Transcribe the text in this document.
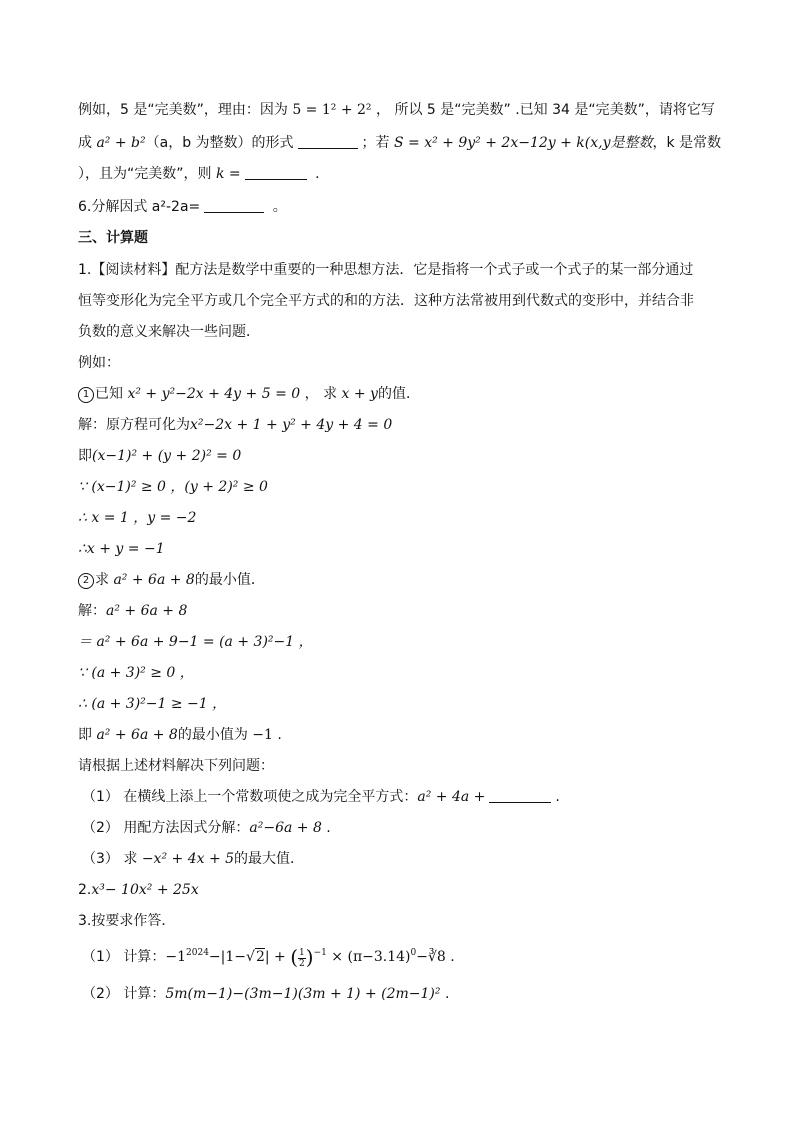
例如，5 是“完美数”，理由：因为 5 = 1² + 2² ， 所以 5 是“完美数” .已知 34 是“完美数”，请将它写
成 a² + b²（a，b 为整数）的形式	；若 S = x² + 9y² + 2x−12y + k(x,y是整数，k 是常数
），且为“完美数”，则 k =	.
6.分解因式 a²-2a=	。
三、计算题
1.【阅读材料】配方法是数学中重要的一种思想方法．它是指将一个式子或一个式子的某一部分通过
恒等变形化为完全平方或几个完全平方式的和的方法．这种方法常被用到代数式的变形中，并结合非
负数的意义来解决一些问题．
例如：
1 已知 x² + y²−2x + 4y + 5 = 0 ， 求 x + y的值．
解：原方程可化为x²−2x + 1 + y² + 4y + 4 = 0
即(x−1)² + (y + 2)² = 0
∵ (x−1)² ≥ 0 ，(y + 2)² ≥ 0
∴ x = 1 ，y = −2
∴x + y = −1
2 求 a² + 6a + 8的最小值．
解：a² + 6a + 8
＝ a² + 6a + 9−1 = (a + 3)²−1 ，
∵ (a + 3)² ≥ 0 ，
∴ (a + 3)²−1 ≥ −1 ，
即 a² + 6a + 8的最小值为 −1 .
请根据上述材料解决下列问题：
（1） 在横线上添上一个常数项使之成为完全平方式：a² + 4a +	.
（2） 用配方法因式分解：a²−6a + 8 .
（3） 求 −x² + 4x + 5的最大值．
2.x³− 10x² + 25x
3.按要求作答．
（1） 计算：$-1^{2024}-|1-√2|$ + ( $\frac{1}{2} )^{-1}$ × $(\pi-3.14)^0-∛8$ .
（2） 计算：5m(m−1)−(3m−1)(3m + 1) + (2m−1)² .
